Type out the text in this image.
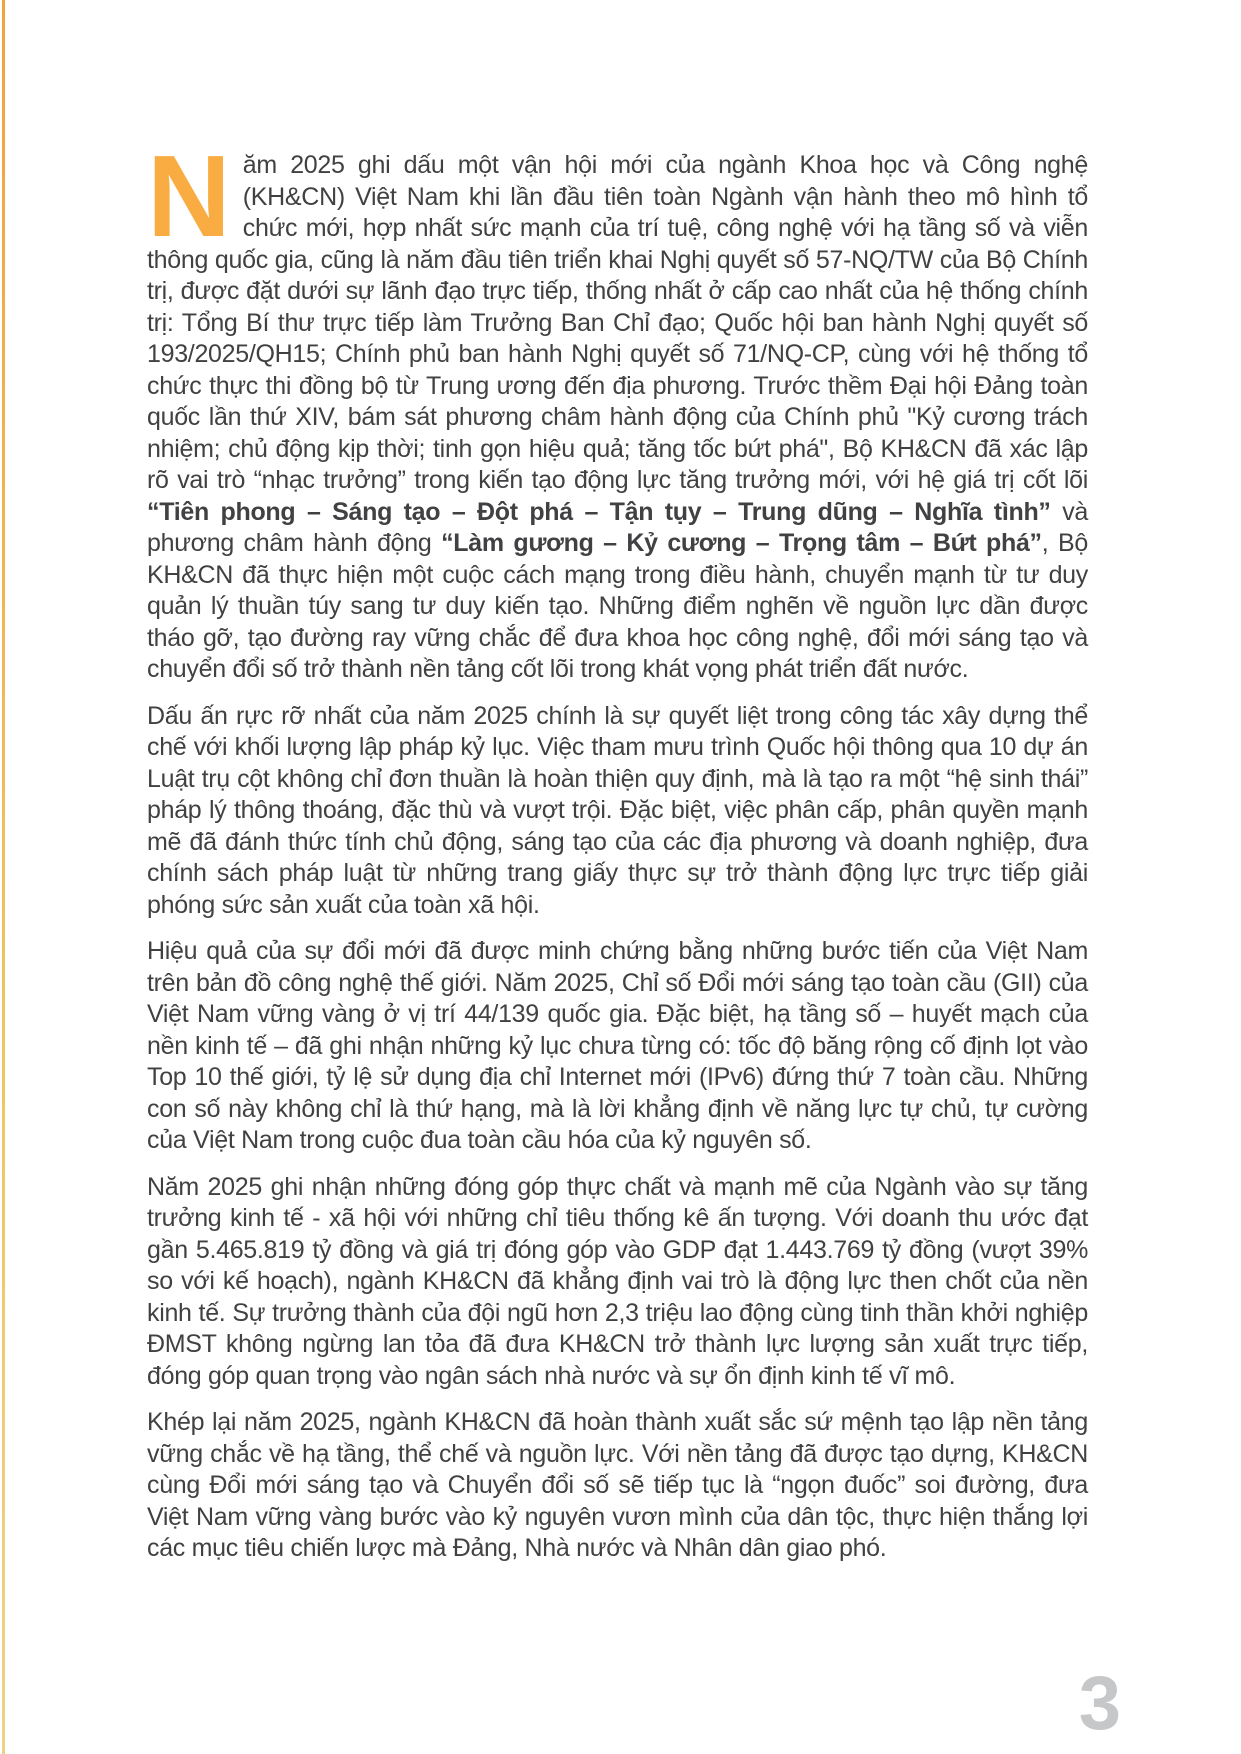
Năm 2025 ghi dấu một vận hội mới của ngành Khoa học và Công nghệ (KH&CN) Việt Nam khi lần đầu tiên toàn Ngành vận hành theo mô hình tổ chức mới, hợp nhất sức mạnh của trí tuệ, công nghệ với hạ tầng số và viễn thông quốc gia, cũng là năm đầu tiên triển khai Nghị quyết số 57-NQ/TW của Bộ Chính trị, được đặt dưới sự lãnh đạo trực tiếp, thống nhất ở cấp cao nhất của hệ thống chính trị: Tổng Bí thư trực tiếp làm Trưởng Ban Chỉ đạo; Quốc hội ban hành Nghị quyết số 193/2025/QH15; Chính phủ ban hành Nghị quyết số 71/NQ-CP, cùng với hệ thống tổ chức thực thi đồng bộ từ Trung ương đến địa phương. Trước thềm Đại hội Đảng toàn quốc lần thứ XIV, bám sát phương châm hành động của Chính phủ "Kỷ cương trách nhiệm; chủ động kịp thời; tinh gọn hiệu quả; tăng tốc bứt phá", Bộ KH&CN đã xác lập rõ vai trò “nhạc trưởng” trong kiến tạo động lực tăng trưởng mới, với hệ giá trị cốt lõi “Tiên phong – Sáng tạo – Đột phá – Tận tụy – Trung dũng – Nghĩa tình” và phương châm hành động “Làm gương – Kỷ cương – Trọng tâm – Bứt phá”, Bộ KH&CN đã thực hiện một cuộc cách mạng trong điều hành, chuyển mạnh từ tư duy quản lý thuần túy sang tư duy kiến tạo. Những điểm nghẽn về nguồn lực dần được tháo gỡ, tạo đường ray vững chắc để đưa khoa học công nghệ, đổi mới sáng tạo và chuyển đổi số trở thành nền tảng cốt lõi trong khát vọng phát triển đất nước.

Dấu ấn rực rỡ nhất của năm 2025 chính là sự quyết liệt trong công tác xây dựng thể chế với khối lượng lập pháp kỷ lục. Việc tham mưu trình Quốc hội thông qua 10 dự án Luật trụ cột không chỉ đơn thuần là hoàn thiện quy định, mà là tạo ra một “hệ sinh thái” pháp lý thông thoáng, đặc thù và vượt trội. Đặc biệt, việc phân cấp, phân quyền mạnh mẽ đã đánh thức tính chủ động, sáng tạo của các địa phương và doanh nghiệp, đưa chính sách pháp luật từ những trang giấy thực sự trở thành động lực trực tiếp giải phóng sức sản xuất của toàn xã hội.

Hiệu quả của sự đổi mới đã được minh chứng bằng những bước tiến của Việt Nam trên bản đồ công nghệ thế giới. Năm 2025, Chỉ số Đổi mới sáng tạo toàn cầu (GII) của Việt Nam vững vàng ở vị trí 44/139 quốc gia. Đặc biệt, hạ tầng số – huyết mạch của nền kinh tế – đã ghi nhận những kỷ lục chưa từng có: tốc độ băng rộng cố định lọt vào Top 10 thế giới, tỷ lệ sử dụng địa chỉ Internet mới (IPv6) đứng thứ 7 toàn cầu. Những con số này không chỉ là thứ hạng, mà là lời khẳng định về năng lực tự chủ, tự cường của Việt Nam trong cuộc đua toàn cầu hóa của kỷ nguyên số.

Năm 2025 ghi nhận những đóng góp thực chất và mạnh mẽ của Ngành vào sự tăng trưởng kinh tế - xã hội với những chỉ tiêu thống kê ấn tượng. Với doanh thu ước đạt gần 5.465.819 tỷ đồng và giá trị đóng góp vào GDP đạt 1.443.769 tỷ đồng (vượt 39% so với kế hoạch), ngành KH&CN đã khẳng định vai trò là động lực then chốt của nền kinh tế. Sự trưởng thành của đội ngũ hơn 2,3 triệu lao động cùng tinh thần khởi nghiệp ĐMST không ngừng lan tỏa đã đưa KH&CN trở thành lực lượng sản xuất trực tiếp, đóng góp quan trọng vào ngân sách nhà nước và sự ổn định kinh tế vĩ mô.

Khép lại năm 2025, ngành KH&CN đã hoàn thành xuất sắc sứ mệnh tạo lập nền tảng vững chắc về hạ tầng, thể chế và nguồn lực. Với nền tảng đã được tạo dựng, KH&CN cùng Đổi mới sáng tạo và Chuyển đổi số sẽ tiếp tục là “ngọn đuốc” soi đường, đưa Việt Nam vững vàng bước vào kỷ nguyên vươn mình của dân tộc, thực hiện thắng lợi các mục tiêu chiến lược mà Đảng, Nhà nước và Nhân dân giao phó.

3
